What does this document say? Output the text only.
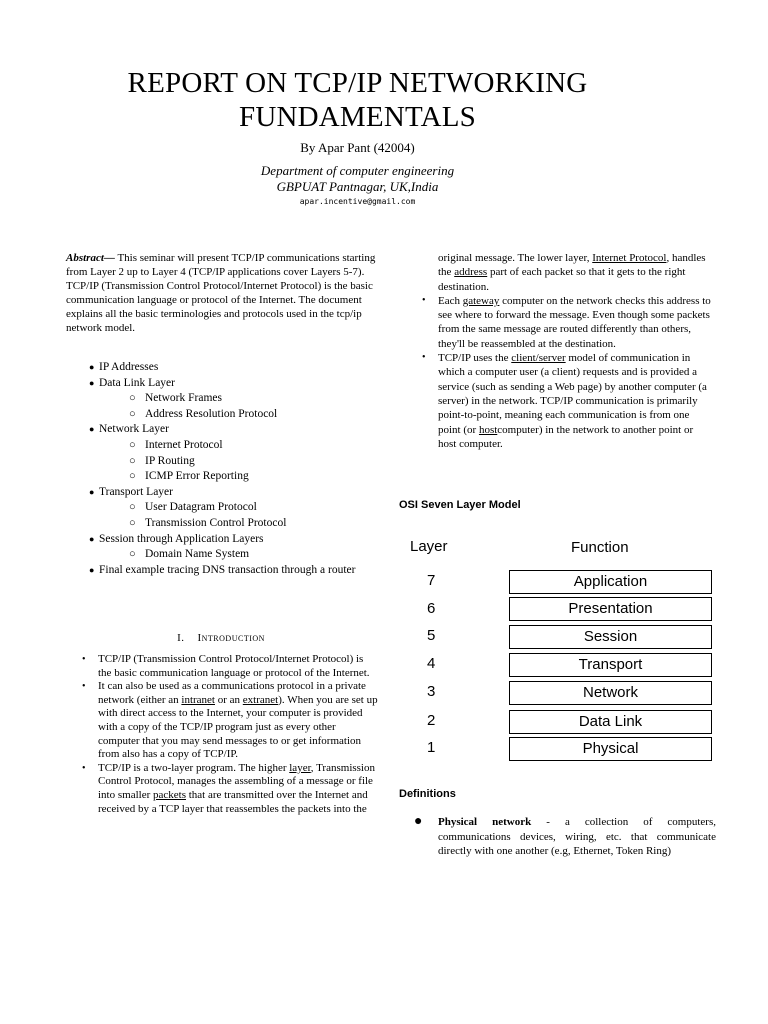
REPORT ON TCP/IP NETWORKING
FUNDAMENTALS
By Apar Pant (42004)
Department of computer engineering
GBPUAT Pantnagar, UK,India
apar.incentive@gmail.com
Abstract— This seminar will present TCP/IP communications starting from Layer 2 up to Layer 4 (TCP/IP applications cover Layers 5-7). TCP/IP (Transmission Control Protocol/Internet Protocol) is the basic communication language or protocol of the Internet. The document explains all the basic terminologies and protocols used in the tcp/ip network model.
● IP Addresses
● Data Link Layer
○ Network Frames
○ Address Resolution Protocol
● Network Layer
○ Internet Protocol
○ IP Routing
○ ICMP Error Reporting
● Transport Layer
○ User Datagram Protocol
○ Transmission Control Protocol
● Session through Application Layers
○ Domain Name System
● Final example tracing DNS transaction through a router
I. Introduction
• TCP/IP (Transmission Control Protocol/Internet Protocol) is the basic communication language or protocol of the Internet.
• It can also be used as a communications protocol in a private network (either an intranet or an extranet). When you are set up with direct access to the Internet, your computer is provided with a copy of the TCP/IP program just as every other computer that you may send messages to or get information from also has a copy of TCP/IP.
• TCP/IP is a two-layer program. The higher layer, Transmission Control Protocol, manages the assembling of a message or file into smaller packets that are transmitted over the Internet and received by a TCP layer that reassembles the packets into the
original message. The lower layer, Internet Protocol, handles the address part of each packet so that it gets to the right destination.
• Each gateway computer on the network checks this address to see where to forward the message. Even though some packets from the same message are routed differently than others, they'll be reassembled at the destination.
• TCP/IP uses the client/server model of communication in which a computer user (a client) requests and is provided a service (such as sending a Web page) by another computer (a server) in the network. TCP/IP communication is primarily point-to-point, meaning each communication is from one point (or hostcomputer) in the network to another point or host computer.
OSI Seven Layer Model
Layer	Function
7	Application
6	Presentation
5	Session
4	Transport
3	Network
2	Data Link
1	Physical
Definitions
●	Physical network - a collection of computers, communications devices, wiring, etc. that communicate directly with one another (e.g, Ethernet, Token Ring)
